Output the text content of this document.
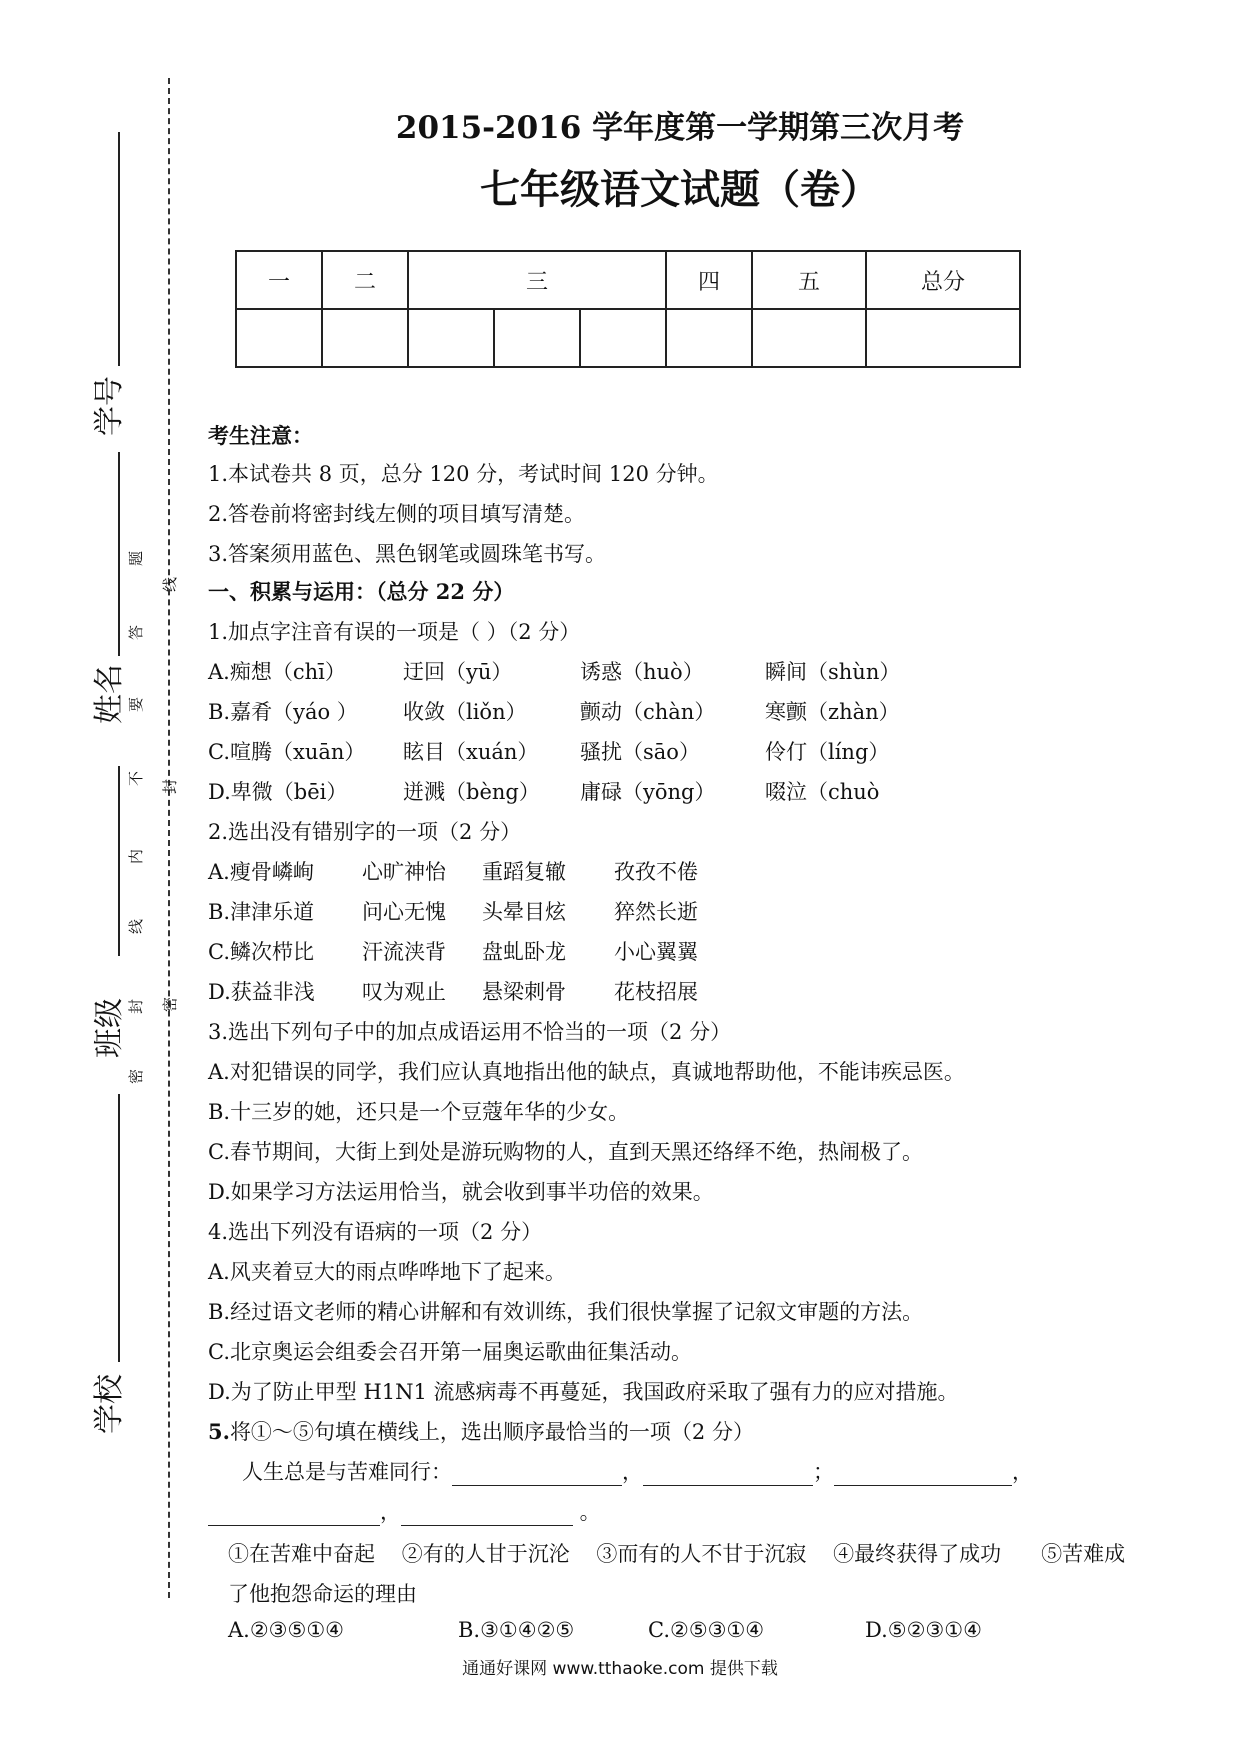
学号
姓名
班级
学校
题
线
答
要
不
封
内
线
封 密
密
2015-2016 学年度第一学期第三次月考
七年级语文试题（卷）
一	二	三			四	五	总分

考生注意：
1.本试卷共 8 页，总分 120 分，考试时间 120 分钟。
2.答卷前将密封线左侧的项目填写清楚。
3.答案须用蓝色、黑色钢笔或圆珠笔书写。
一、积累与运用：（总分 22 分）
1.加点字注音有误的一项是（ ）（2 分）
A.痴想（chī）	迂回（yū）	诱惑（huò）	瞬间（shùn）
B.嘉肴（yáo ） 收敛（liǒn）	颤动（chàn） 寒颤（zhàn）
C.喧腾（xuān） 眩目（xuán） 骚扰（sāo）	伶仃（líng）
D.卑微（bēi）	迸溅（bèng） 庸碌（yōng） 啜泣（chuò
2.选出没有错别字的一项（2 分）
A.瘦骨嶙峋 心旷神怡 重蹈复辙 孜孜不倦
B.津津乐道 问心无愧 头晕目炫 猝然长逝
C.鳞次栉比 汗流浃背 盘虬卧龙 小心翼翼
D.获益非浅 叹为观止 悬梁刺骨 花枝招展
3.选出下列句子中的加点成语运用不恰当的一项（2 分）
A.对犯错误的同学，我们应认真地指出他的缺点，真诚地帮助他，不能讳疾忌医。
B.十三岁的她，还只是一个豆蔻年华的少女。
C.春节期间，大街上到处是游玩购物的人，直到天黑还络绎不绝，热闹极了。
D.如果学习方法运用恰当，就会收到事半功倍的效果。
4.选出下列没有语病的一项（2 分）
A.风夹着豆大的雨点哗哗地下了起来。
B.经过语文老师的精心讲解和有效训练，我们很快掌握了记叙文审题的方法。
C.北京奥运会组委会召开第一届奥运歌曲征集活动。
D.为了防止甲型 H1N1 流感病毒不再蔓延，我国政府采取了强有力的应对措施。
5.将①～⑤句填在横线上，选出顺序最恰当的一项（2 分）
人生总是与苦难同行：	，	；	，
，	。
①在苦难中奋起    ②有的人甘于沉沦    ③而有的人不甘于沉寂    ④最终获得了成功      ⑤苦难成
了他抱怨命运的理由
A.②③⑤①④	B.③①④②⑤	C.②⑤③①④	D.⑤②③①④
通通好课网 www.tthaoke.com 提供下载
